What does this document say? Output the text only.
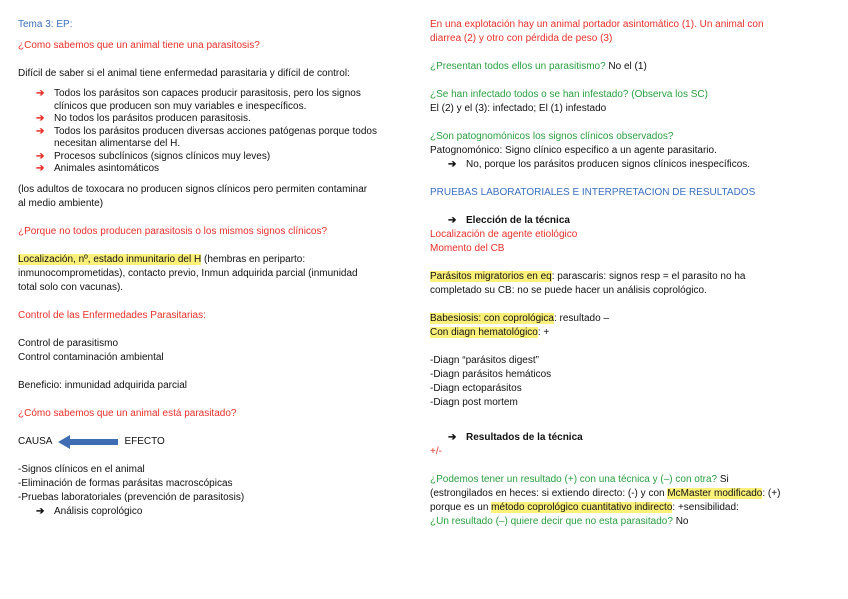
Tema 3: EP:

¿Como sabemos que un animal tiene una parasitosis?

Difícil de saber si el animal tiene enfermedad parasitaria y difícil de control:

➔ Todos los parásitos son capaces producir parasitosis, pero los signos
clínicos que producen son muy variables e inespecíficos.
➔ No todos los parásitos producen parasitosis.
➔ Todos los parásitos producen diversas acciones patógenas porque todos
necesitan alimentarse del H.
➔ Procesos subclínicos (signos clínicos muy leves)
➔ Animales asintomáticos

(los adultos de toxocara no producen signos clínicos pero permiten contaminar
al medio ambiente)

¿Porque no todos producen parasitosis o los mismos signos clínicos?

Localización, nº, estado inmunitario del H (hembras en periparto:
inmunocomprometidas), contacto previo, Inmun adquirida parcial (inmunidad
total solo con vacunas).

Control de las Enfermedades Parasitarias:

Control de parasitismo

Control contaminación ambiental

Beneficio: inmunidad adquirida parcial

¿Cómo sabemos que un animal está parasitado?

CAUSA	EFECTO

-Signos clínicos en el animal

-Eliminación de formas parásitas macroscópicas

-Pruebas laboratoriales (prevención de parasitosis)

➔ Análisis coprológico

En una explotación hay un animal portador asintomático (1). Un animal con
diarrea (2) y otro con pérdida de peso (3)

¿Presentan todos ellos un parasitismo? No el (1)

¿Se han infectado todos o se han infestado? (Observa los SC)

El (2) y el (3): infectado; El (1) infestado

¿Son patognomónicos los signos clínicos observados?

Patognomónico: Signo clínico especifico a un agente parasitario.

➔ No, porque los parásitos producen signos clínicos inespecíficos.

PRUEBAS LABORATORIALES E INTERPRETACION DE RESULTADOS

➔ Elección de la técnica

Localización de agente etiológico

Momento del CB

Parásitos migratorios en eq: parascaris: signos resp = el parasito no ha
completado su CB: no se puede hacer un análisis coprológico.

Babesiosis: con coprológica: resultado –

Con diagn hematológico: +

-Diagn “parásitos digest”

-Diagn parásitos hemáticos

-Diagn ectoparásitos

-Diagn post mortem

➔ Resultados de la técnica

+/-

¿Podemos tener un resultado (+) con una técnica y (–) con otra? Si

(estrongilados en heces: si extiendo directo: (-) y con McMaster modificado: (+)

porque es un método coprológico cuantitativo indirecto: +sensibilidad:

¿Un resultado (–) quiere decir que no esta parasitado? No
